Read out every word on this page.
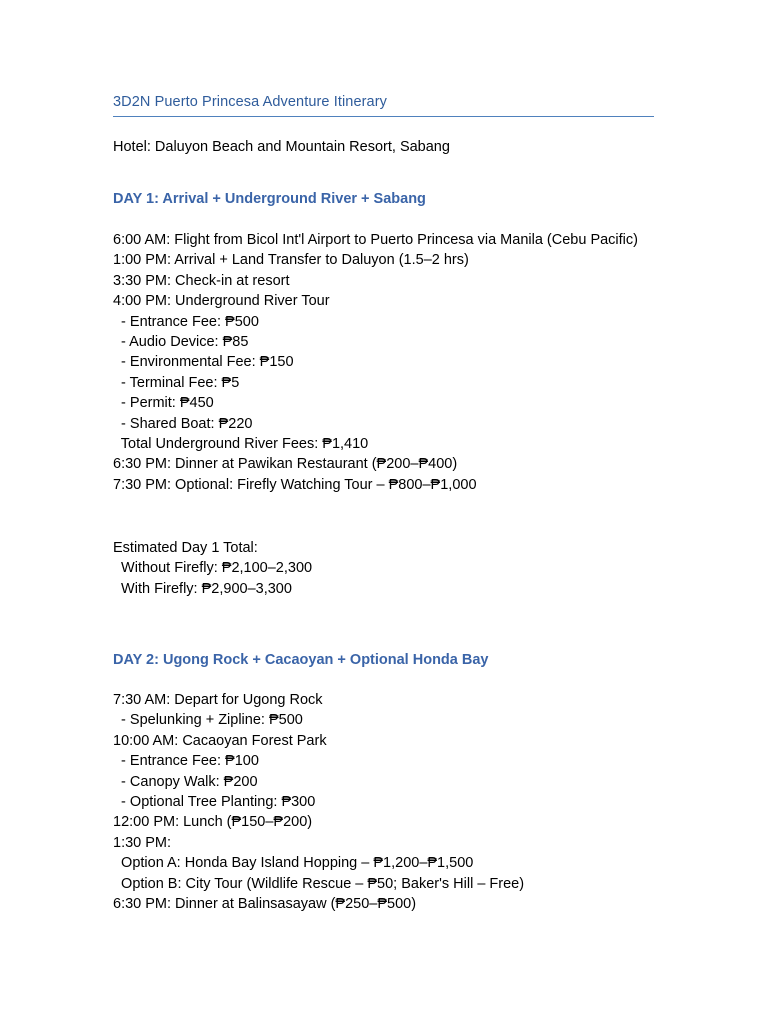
3D2N Puerto Princesa Adventure Itinerary
Hotel: Daluyon Beach and Mountain Resort, Sabang
DAY 1: Arrival + Underground River + Sabang
6:00 AM: Flight from Bicol Int'l Airport to Puerto Princesa via Manila (Cebu Pacific)
1:00 PM: Arrival + Land Transfer to Daluyon (1.5–2 hrs)
3:30 PM: Check-in at resort
4:00 PM: Underground River Tour
- Entrance Fee: ₱500
- Audio Device: ₱85
- Environmental Fee: ₱150
- Terminal Fee: ₱5
- Permit: ₱450
- Shared Boat: ₱220
Total Underground River Fees: ₱1,410
6:30 PM: Dinner at Pawikan Restaurant (₱200–₱400)
7:30 PM: Optional: Firefly Watching Tour – ₱800–₱1,000
Estimated Day 1 Total:
Without Firefly: ₱2,100–2,300
With Firefly: ₱2,900–3,300
DAY 2: Ugong Rock + Cacaoyan + Optional Honda Bay
7:30 AM: Depart for Ugong Rock
- Spelunking + Zipline: ₱500
10:00 AM: Cacaoyan Forest Park
- Entrance Fee: ₱100
- Canopy Walk: ₱200
- Optional Tree Planting: ₱300
12:00 PM: Lunch (₱150–₱200)
1:30 PM:
Option A: Honda Bay Island Hopping – ₱1,200–₱1,500
Option B: City Tour (Wildlife Rescue – ₱50; Baker's Hill – Free)
6:30 PM: Dinner at Balinsasayaw (₱250–₱500)
